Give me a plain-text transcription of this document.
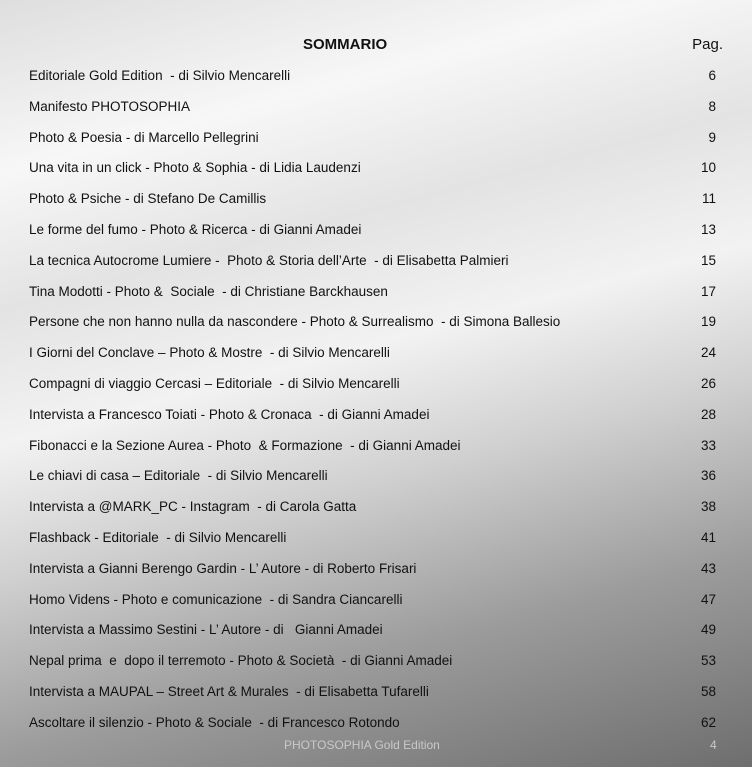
SOMMARIO	Pag.
Editoriale Gold Edition  - di Silvio Mencarelli	6
Manifesto PHOTOSOPHIA	8
Photo & Poesia - di Marcello Pellegrini	9
Una vita in un click - Photo & Sophia - di Lidia Laudenzi	10
Photo & Psiche - di Stefano De Camillis	11
Le forme del fumo - Photo & Ricerca - di Gianni Amadei	13
La tecnica Autocrome Lumiere -  Photo & Storia dell’Arte  - di Elisabetta Palmieri	15
Tina Modotti - Photo &  Sociale  - di Christiane Barckhausen	17
Persone che non hanno nulla da nascondere - Photo & Surrealismo  - di Simona Ballesio	19
I Giorni del Conclave – Photo & Mostre  - di Silvio Mencarelli	24
Compagni di viaggio Cercasi – Editoriale  - di Silvio Mencarelli	26
Intervista a Francesco Toiati - Photo & Cronaca  - di Gianni Amadei	28
Fibonacci e la Sezione Aurea - Photo  & Formazione  - di Gianni Amadei	33
Le chiavi di casa – Editoriale  - di Silvio Mencarelli	36
Intervista a @MARK_PC - Instagram  - di Carola Gatta	38
Flashback - Editoriale  - di Silvio Mencarelli	41
Intervista a Gianni Berengo Gardin - L’ Autore - di Roberto Frisari	43
Homo Videns - Photo e comunicazione  - di Sandra Ciancarelli	47
Intervista a Massimo Sestini - L’ Autore - di   Gianni Amadei	49
Nepal prima  e  dopo il terremoto - Photo & Società  - di Gianni Amadei	53
Intervista a MAUPAL – Street Art & Murales  - di Elisabetta Tufarelli	58
Ascoltare il silenzio - Photo & Sociale  - di Francesco Rotondo	62
PHOTOSOPHIA Gold Edition	4
